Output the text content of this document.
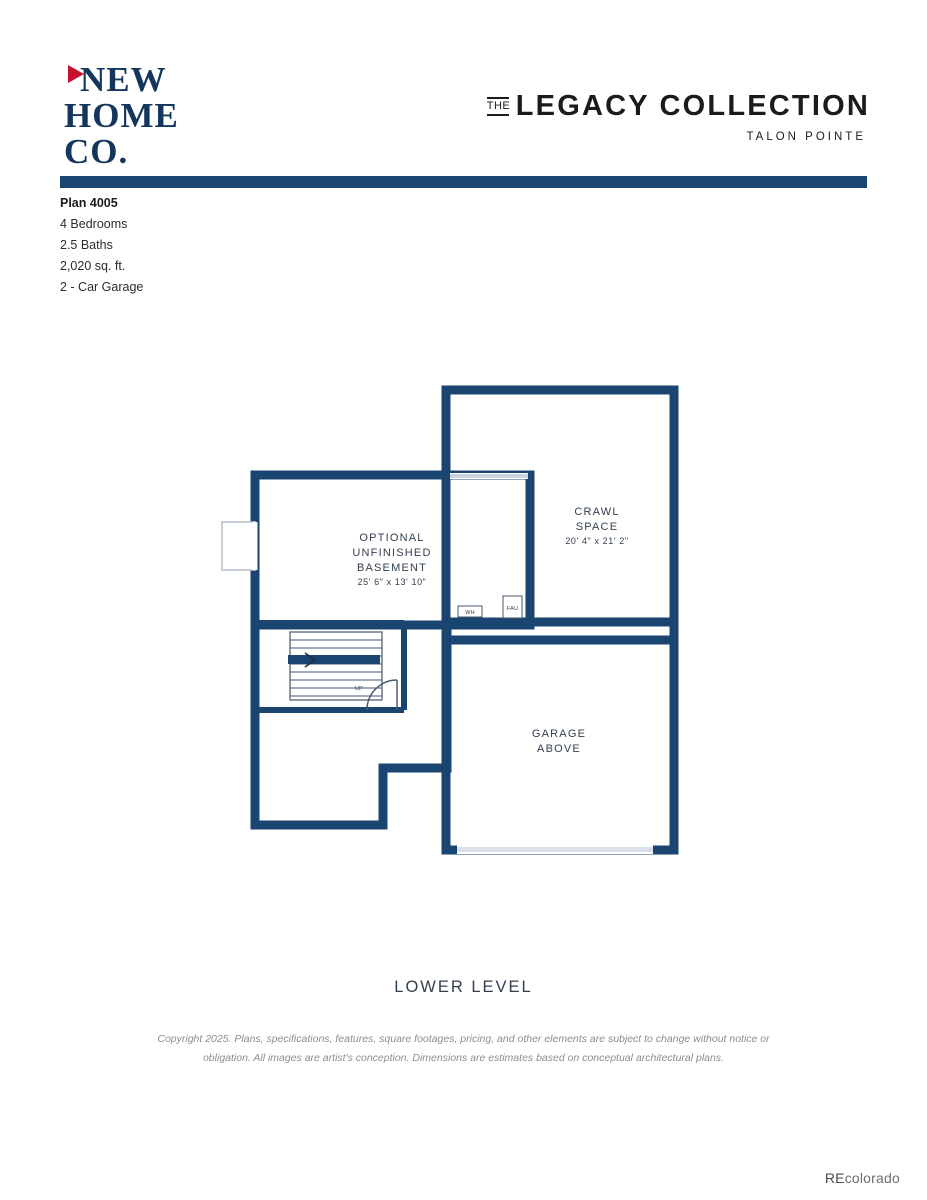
NEW
HOME
CO.
THE LEGACY COLLECTION
TALON POINTE
Plan 4005
4 Bedrooms
2.5 Baths
2,020 sq. ft.
2 - Car Garage
UP
WH
FAU
OPTIONAL
UNFINISHED
BASEMENT
25' 6" x 13' 10"
CRAWL
SPACE
20' 4" x 21' 2"
GARAGE
ABOVE
LOWER LEVEL
Copyright 2025. Plans, specifications, features, square footages, pricing, and other elements are subject to change without notice or
obligation. All images are artist's conception. Dimensions are estimates based on conceptual architectural plans.
REcolorado
